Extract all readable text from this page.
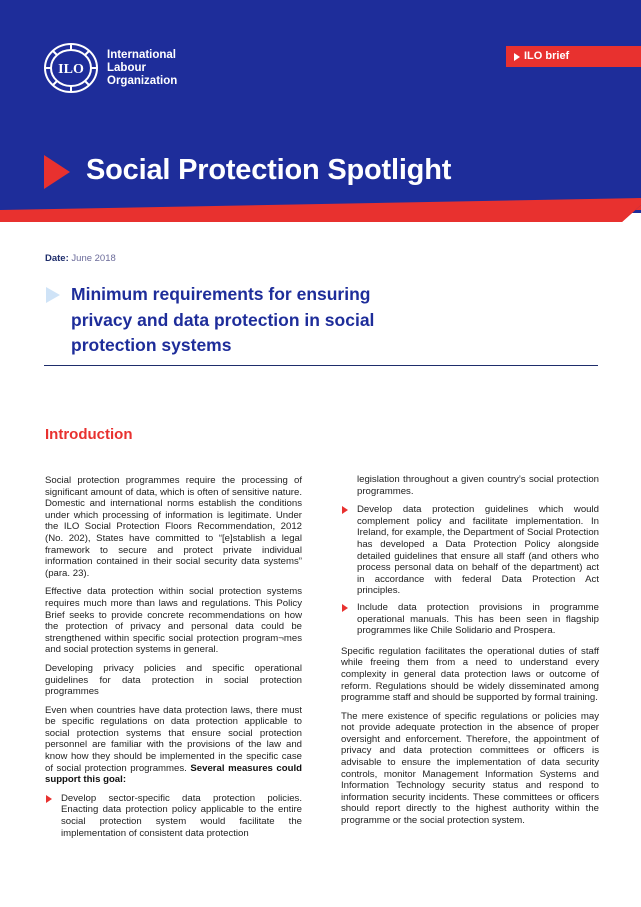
ILO
International
Labour
Organization
ILO brief
Social Protection Spotlight
Date: June 2018
Minimum requirements for ensuring privacy and data protection in social protection systems
Introduction

Social protection programmes require the processing of significant amount of data, which is often of sensitive nature. Domestic and international norms establish the conditions under which processing of information is legitimate. Under the ILO Social Protection Floors Recommendation, 2012 (No. 202), States have committed to “[e]stablish a legal framework to secure and protect private individual information contained in their social security data systems” (para. 23).

Effective data protection within social protection systems requires much more than laws and regulations. This Policy Brief seeks to provide concrete recommendations on how the protection of privacy and personal data could be strengthened within specific social protection program¬mes and social protection systems in general.

Developing privacy policies and specific operational guidelines for data protection in social protection programmes

Even when countries have data protection laws, there must be specific regulations on data protection applicable to social protection systems that ensure social protection personnel are familiar with the provisions of the law and know how they should be implemented in the specific case of social protection programmes. Several measures could support this goal:

Develop sector-specific data protection policies. Enacting data protection policy applicable to the entire social protection system would facilitate the implementation of consistent data protection
legislation throughout a given country’s social protection programmes.
Develop data protection guidelines which would complement policy and facilitate implementation. In Ireland, for example, the Department of Social Protection has developed a Data Protection Policy alongside detailed guidelines that ensure all staff (and others who process personal data on behalf of the department) act in accordance with federal Data Protection Act principles.
Include data protection provisions in programme operational manuals. This has been seen in flagship programmes like Chile Solidario and Prospera.

Specific regulation facilitates the operational duties of staff while freeing them from a need to understand every complexity in general data protection laws or outcome of reform. Regulations should be widely disseminated among programme staff and should be supported by formal training.

The mere existence of specific regulations or policies may not provide adequate protection in the absence of proper oversight and enforcement. Therefore, the appointment of privacy and data protection committees or officers is advisable to ensure the implementation of data security controls, monitor Management Information Systems and Information Technology security status and respond to information security incidents. These committees or officers should report directly to the highest authority within the programme or the social protection system.
